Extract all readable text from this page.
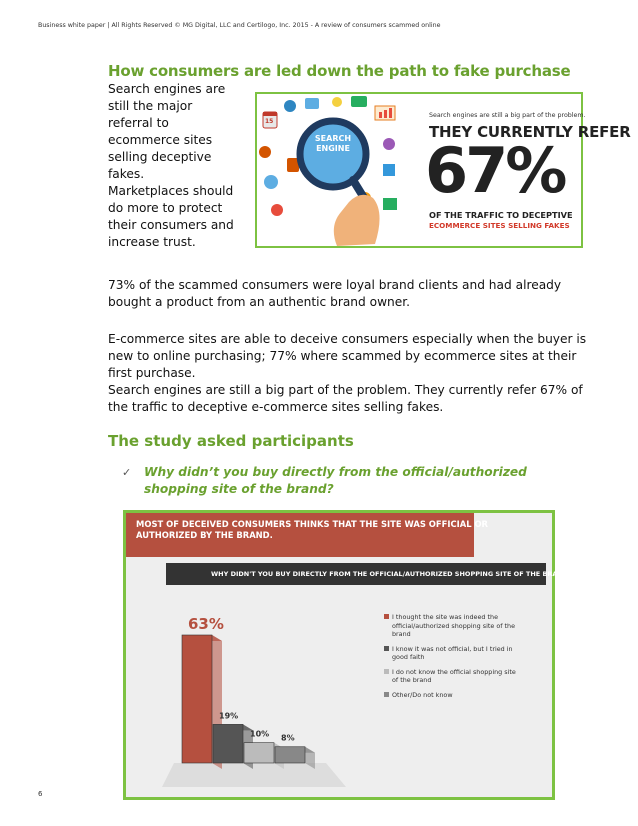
Business white paper | All Rights Reserved © MG Digital, LLC and Certilogo, Inc. 2015 - A review of consumers scammed online
How consumers are led down the path to fake purchase
Search engines are
still the major
referral to
ecommerce sites
selling deceptive
fakes.
Marketplaces should
do more to protect
their consumers and
increase trust.
SEARCH
ENGINE
15
Search engines are still a big part of the problem.
THEY CURRENTLY REFER
67%
OF THE TRAFFIC TO DECEPTIVE
ECOMMERCE SITES SELLING FAKES
73% of the scammed consumers were loyal brand clients and had already
bought a product from an authentic brand owner.
E-commerce sites are able to deceive consumers especially when the buyer is
new to online purchasing; 77% where scammed by ecommerce sites at their
first purchase.
Search engines are still a big part of the problem. They currently refer 67% of
the traffic to deceptive e-commerce sites selling fakes.
The study asked participants
✓ Why didn’t you buy directly from the official/authorized
shopping site of the brand?
MOST OF DECEIVED CONSUMERS THINKS THAT THE SITE WAS OFFICIAL OR
AUTHORIZED BY THE BRAND.
WHY DIDN'T YOU BUY DIRECTLY FROM THE OFFICIAL/AUTHORIZED SHOPPING SITE OF THE BRAND?
63%
19%
10% 8%
I thought the site was indeed the
official/authorized shopping site of the
brand
I know it was not official, but I tried in
good faith
I do not know the official shopping site
of the brand
Other/Do not know
6
